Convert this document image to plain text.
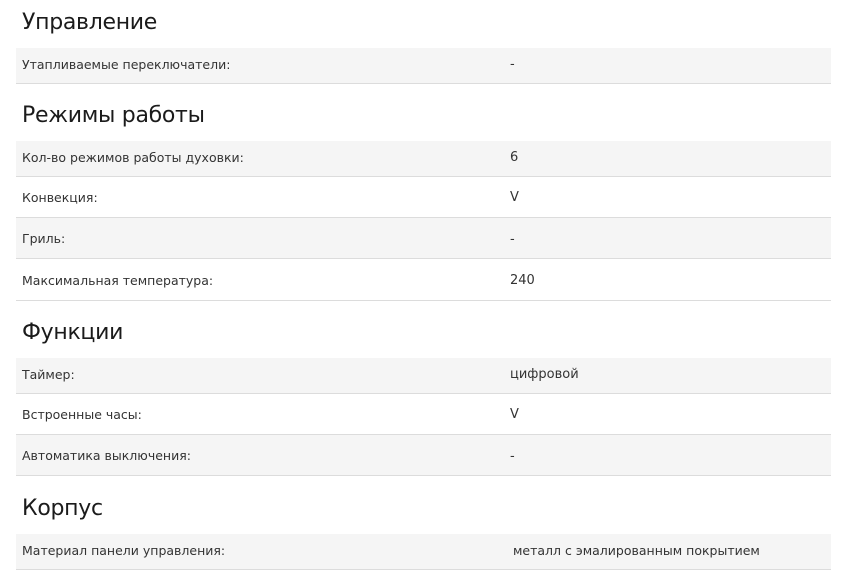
Управление
Утапливаемые переключатели:	-
Режимы работы
Кол-во режимов работы духовки:	6
Конвекция:	V
Гриль:	-
Максимальная температура:	240
Функции
Таймер:	цифровой
Встроенные часы:	V
Автоматика выключения:	-
Корпус
Материал панели управления:	металл с эмалированным покрытием
